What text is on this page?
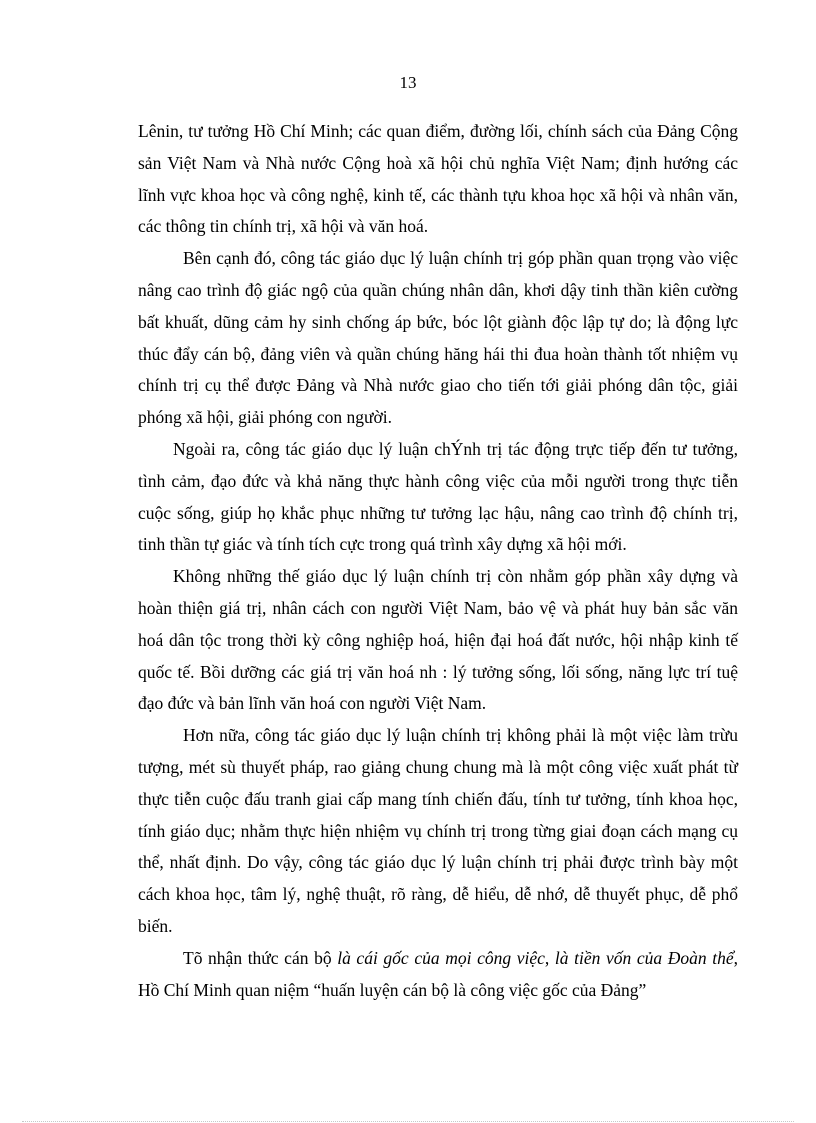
13

Lênin, tư tưởng Hồ Chí Minh; các quan điểm, đường lối, chính sách của Đảng Cộng sản Việt Nam và Nhà nước Cộng hoà xã hội chủ nghĩa Việt Nam; định hướng các lĩnh vực khoa học và công nghệ, kinh tế, các thành tựu khoa học xã hội và nhân văn, các thông tin chính trị, xã hội và văn hoá.

Bên cạnh đó, công tác giáo dục lý luận chính trị góp phần quan trọng vào việc nâng cao trình độ giác ngộ của quần chúng nhân dân, khơi dậy tinh thần kiên cường bất khuất, dũng cảm hy sinh chống áp bức, bóc lột giành độc lập tự do; là động lực thúc đẩy cán bộ, đảng viên và quần chúng hăng hái thi đua hoàn thành tốt nhiệm vụ chính trị cụ thể được Đảng và Nhà nước giao cho tiến tới giải phóng dân tộc, giải phóng xã hội, giải phóng con người.

Ngoài ra, công tác giáo dục lý luận chÝnh trị tác động trực tiếp đến tư tưởng, tình cảm, đạo đức và khả năng thực hành công việc của mỗi người trong thực tiễn cuộc sống, giúp họ khắc phục những tư tưởng lạc hậu, nâng cao trình độ chính trị, tinh thần tự giác và tính tích cực trong quá trình xây dựng xã hội mới.

Không những thế giáo dục lý luận chính trị còn nhằm góp phần xây dựng và hoàn thiện giá trị, nhân cách con người Việt Nam, bảo vệ và phát huy bản sắc văn hoá dân tộc trong thời kỳ công nghiệp hoá, hiện đại hoá đất nước, hội nhập kinh tế quốc tế. Bồi dưỡng các giá trị văn hoá nh : lý tưởng sống, lối sống, năng lực trí tuệ đạo đức và bản lĩnh văn hoá con người Việt Nam.

Hơn nữa, công tác giáo dục lý luận chính trị không phải là một việc làm trừu tượng, mét sù thuyết pháp, rao giảng chung chung mà là một công việc xuất phát từ thực tiễn cuộc đấu tranh giai cấp mang tính chiến đấu, tính tư tưởng, tính khoa học, tính giáo dục; nhằm thực hiện nhiệm vụ chính trị trong từng giai đoạn cách mạng cụ thể, nhất định. Do vậy, công tác giáo dục lý luận chính trị phải được trình bày một cách khoa học, tâm lý, nghệ thuật, rõ ràng, dễ hiểu, dễ nhớ, dễ thuyết phục, dễ phổ biến.

Tõ nhận thức cán bộ là cái gốc của mọi công việc, là tiền vốn của Đoàn thể, Hồ Chí Minh quan niệm “huấn luyện cán bộ là công việc gốc của Đảng”
